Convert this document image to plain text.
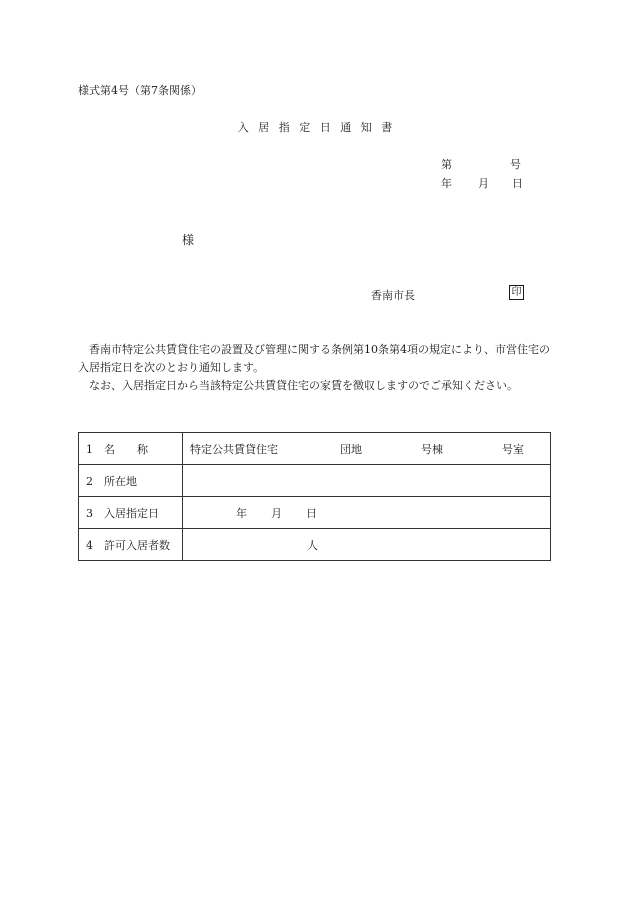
様式第4号（第7条関係）
入 居 指 定 日 通 知 書
第	号
年 月 日
様
香南市長	印

香南市特定公共賃貸住宅の設置及び管理に関する条例第10条第4項の規定により、市営住宅の入居指定日を次のとおり通知します。

なお、入居指定日から当該特定公共賃貸住宅の家賃を徴収しますのでご承知ください。

1　名　　称	特定公共賃貸住宅 団地 号棟 号室
2　所在地	
3　入居指定日	年 月 日
4　許可入居者数	人
